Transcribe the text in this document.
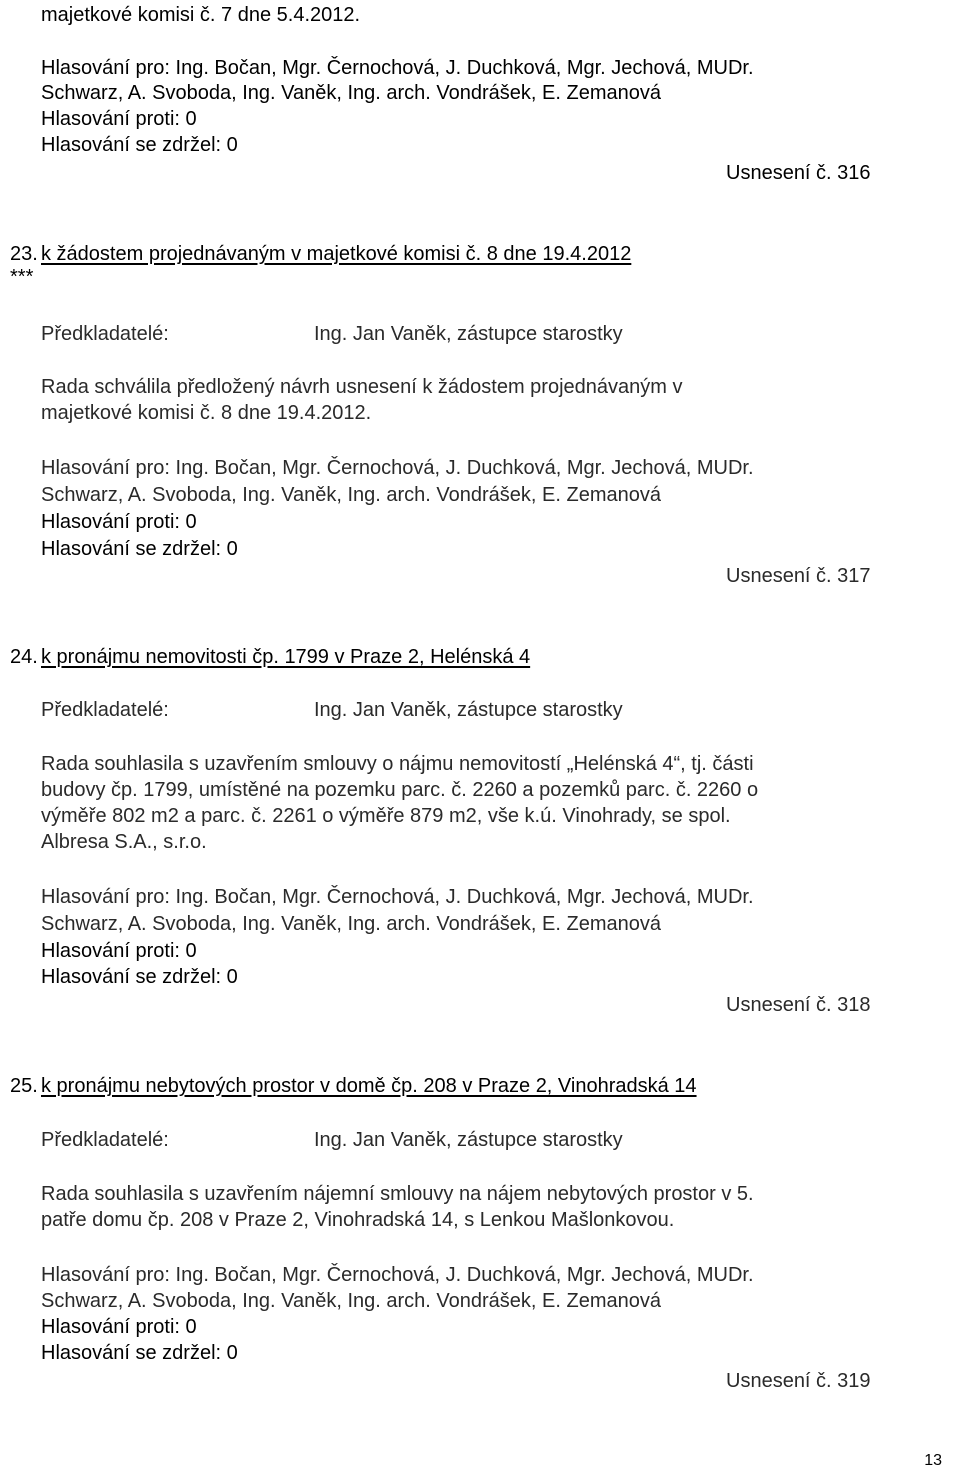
majetkové komisi č. 7 dne 5.4.2012.
Hlasování pro: Ing. Bočan, Mgr. Černochová, J. Duchková, Mgr. Jechová, MUDr.
Schwarz, A. Svoboda, Ing. Vaněk, Ing. arch. Vondrášek, E. Zemanová
Hlasování proti: 0
Hlasování se zdržel: 0
Usnesení č. 316
23. k žádostem projednávaným v majetkové komisi č. 8 dne 19.4.2012
***
Předkladatelé:	Ing. Jan Vaněk, zástupce starostky
Rada schválila předložený návrh usnesení k žádostem projednávaným v
majetkové komisi č. 8 dne 19.4.2012.
Hlasování pro: Ing. Bočan, Mgr. Černochová, J. Duchková, Mgr. Jechová, MUDr.
Schwarz, A. Svoboda, Ing. Vaněk, Ing. arch. Vondrášek, E. Zemanová
Hlasování proti: 0
Hlasování se zdržel: 0
Usnesení č. 317
24. k pronájmu nemovitosti čp. 1799 v Praze 2, Helénská 4
Předkladatelé:	Ing. Jan Vaněk, zástupce starostky
Rada souhlasila s uzavřením smlouvy o nájmu nemovitostí „Helénská 4“, tj. části
budovy čp. 1799, umístěné na pozemku parc. č. 2260 a pozemků parc. č. 2260 o
výměře 802 m2 a parc. č. 2261 o výměře 879 m2, vše k.ú. Vinohrady, se spol.
Albresa S.A., s.r.o.
Hlasování pro: Ing. Bočan, Mgr. Černochová, J. Duchková, Mgr. Jechová, MUDr.
Schwarz, A. Svoboda, Ing. Vaněk, Ing. arch. Vondrášek, E. Zemanová
Hlasování proti: 0
Hlasování se zdržel: 0
Usnesení č. 318
25. k pronájmu nebytových prostor v domě čp. 208 v Praze 2, Vinohradská 14
Předkladatelé:	Ing. Jan Vaněk, zástupce starostky
Rada souhlasila s uzavřením nájemní smlouvy na nájem nebytových prostor v 5.
patře domu čp. 208 v Praze 2, Vinohradská 14, s Lenkou Mašlonkovou.
Hlasování pro: Ing. Bočan, Mgr. Černochová, J. Duchková, Mgr. Jechová, MUDr.
Schwarz, A. Svoboda, Ing. Vaněk, Ing. arch. Vondrášek, E. Zemanová
Hlasování proti: 0
Hlasování se zdržel: 0
Usnesení č. 319
13
